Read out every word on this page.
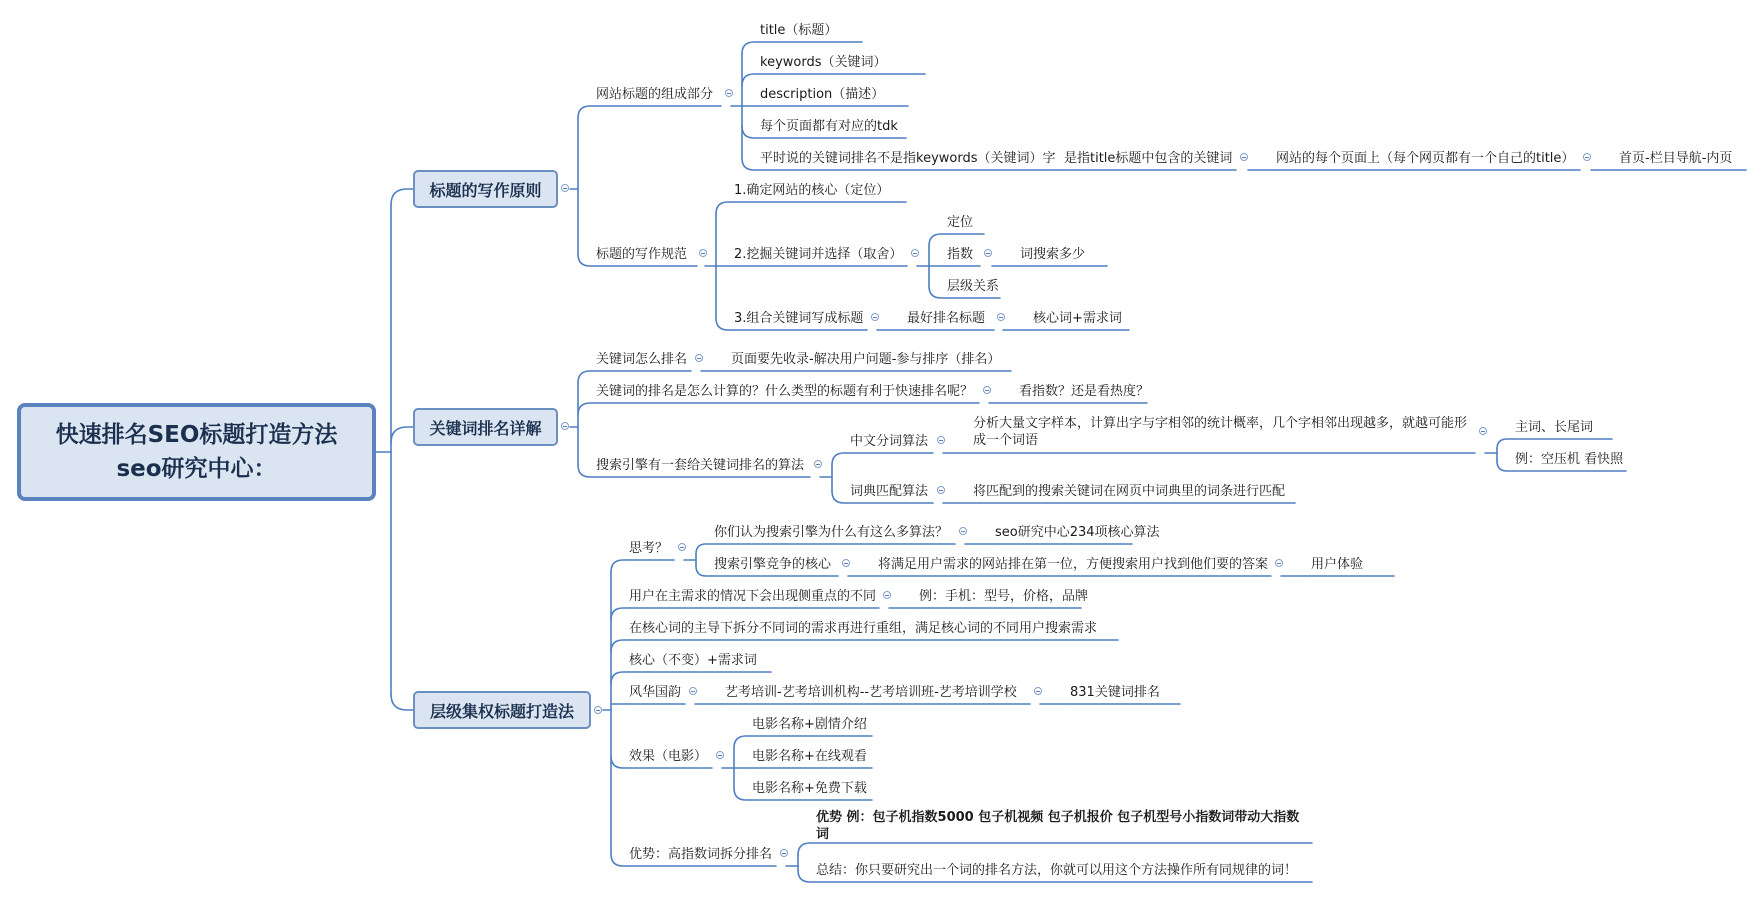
快速排名SEO标题打造方法
seo研究中心：
标题的写作原则
网站标题的组成部分
title（标题）
keywords（关键词）
description（描述）
每个页面都有对应的tdk
平时说的关键词排名不是指keywords（关键词）字 是指title标题中包含的关键词	网站的每个页面上（每个网页都有一个自己的title）	首页-栏目导航-内页
标题的写作规范
1.确定网站的核心（定位）
2.挖掘关键词并选择（取舍）
定位
指数	词搜索多少
层级关系
3.组合关键词写成标题	最好排名标题	核心词+需求词
关键词排名详解
关键词怎么排名	页面要先收录-解决用户问题-参与排序（排名）
关键词的排名是怎么计算的？什么类型的标题有利于快速排名呢？	看指数？还是看热度？
搜索引擎有一套给关键词排名的算法
中文分词算法
分析大量文字样本，计算出字与字相邻的统计概率，几个字相邻出现越多，就越可能形成一个词语
主词、长尾词
例：空压机 看快照
词典匹配算法	将匹配到的搜索关键词在网页中词典里的词条进行匹配
层级集权标题打造法
思考？
你们认为搜索引擎为什么有这么多算法？	seo研究中心234项核心算法
搜索引擎竞争的核心	将满足用户需求的网站排在第一位，方便搜索用户找到他们要的答案	用户体验
用户在主需求的情况下会出现侧重点的不同	例：手机：型号，价格，品牌
在核心词的主导下拆分不同词的需求再进行重组，满足核心词的不同用户搜索需求
核心（不变）+需求词
风华国韵	艺考培训-艺考培训机构--艺考培训班-艺考培训学校	831关键词排名
效果（电影）
电影名称+剧情介绍
电影名称+在线观看
电影名称+免费下载
优势：高指数词拆分排名
优势 例：包子机指数5000 包子机视频 包子机报价 包子机型号小指数词带动大指数词
总结：你只要研究出一个词的排名方法，你就可以用这个方法操作所有同规律的词！
